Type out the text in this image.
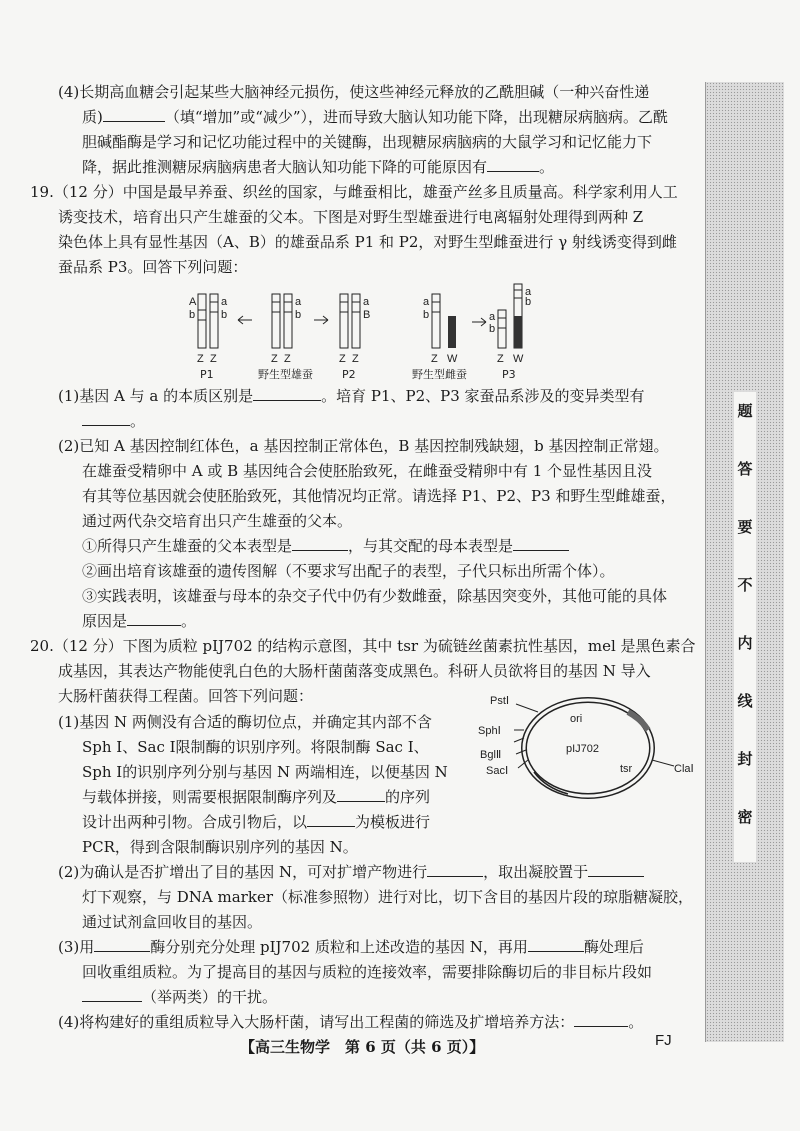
(4)长期高血糖会引起某些大脑神经元损伤，使这些神经元释放的乙酰胆碱（一种兴奋性递
质)	（填“增加”或“减少”），进而导致大脑认知功能下降，出现糖尿病脑病。乙酰
胆碱酯酶是学习和记忆功能过程中的关键酶，出现糖尿病脑病的大鼠学习和记忆能力下
降，据此推测糖尿病脑病患者大脑认知功能下降的可能原因有	。
19.（12 分）中国是最早养蚕、织丝的国家，与雌蚕相比，雄蚕产丝多且质量高。科学家利用人工
诱变技术，培育出只产生雄蚕的父本。下图是对野生型雄蚕进行电离辐射处理得到两种 Z
染色体上具有显性基因（A、B）的雄蚕品系 P1 和 P2，对野生型雌蚕进行 γ 射线诱变得到雌
蚕品系 P3。回答下列问题：
A
b
a
b
a
b
a
B
a
b
a
b
a
b
Z Z	Z Z	Z Z	Z W	Z W
P1	野生型雄蚕	P2	野生型雌蚕	P3
(1)基因 A 与 a 的本质区别是	。培育 P1、P2、P3 家蚕品系涉及的变异类型有
。
(2)已知 A 基因控制红体色，a 基因控制正常体色，B 基因控制残缺翅，b 基因控制正常翅。
在雄蚕受精卵中 A 或 B 基因纯合会使胚胎致死，在雌蚕受精卵中有 1 个显性基因且没
有其等位基因就会使胚胎致死，其他情况均正常。请选择 P1、P2、P3 和野生型雌雄蚕，
通过两代杂交培育出只产生雄蚕的父本。
①所得只产生雄蚕的父本表型是	，与其交配的母本表型是
②画出培育该雄蚕的遗传图解（不要求写出配子的表型，子代只标出所需个体）。
③实践表明，该雄蚕与母本的杂交子代中仍有少数雌蚕，除基因突变外，其他可能的具体
原因是	。
20.（12 分）下图为质粒 pIJ702 的结构示意图，其中 tsr 为硫链丝菌素抗性基因，mel 是黑色素合
成基因，其表达产物能使乳白色的大肠杆菌菌落变成黑色。科研人员欲将目的基因 N 导入
大肠杆菌获得工程菌。回答下列问题：
(1)基因 N 两侧没有合适的酶切位点，并确定其内部不含
Sph Ⅰ、Sac Ⅰ限制酶的识别序列。将限制酶 Sac Ⅰ、
Sph Ⅰ的识别序列分别与基因 N 两端相连，以便基因 N
与载体拼接，则需要根据限制酶序列及	的序列
设计出两种引物。合成引物后，以	为模板进行
PCR，得到含限制酶识别序列的基因 N。
PstⅠ
ori
SphⅠ
BglⅡ
SacⅠ
pIJ702
tsr	ClaⅠ
(2)为确认是否扩增出了目的基因 N，可对扩增产物进行	，取出凝胶置于
灯下观察，与 DNA marker（标准参照物）进行对比，切下含目的基因片段的琼脂糖凝胶，
通过试剂盒回收目的基因。
(3)用	酶分别充分处理 pIJ702 质粒和上述改造的基因 N，再用	酶处理后
回收重组质粒。为了提高目的基因与质粒的连接效率，需要排除酶切后的非目标片段如
（举两类）的干扰。
(4)将构建好的重组质粒导入大肠杆菌，请写出工程菌的筛选及扩增培养方法：	。
题
答
要
不
内
线
封
密
【高三生物学　第 6 页（共 6 页）】	FJ
